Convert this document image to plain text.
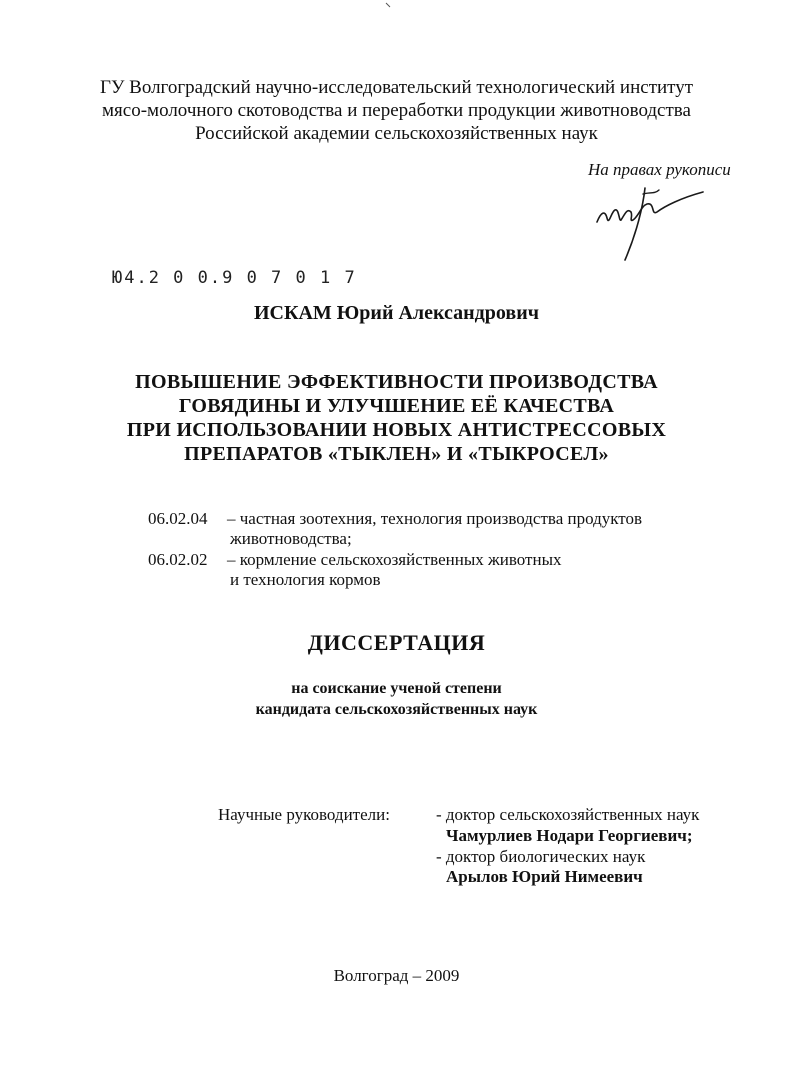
ГУ Волгоградский научно-исследовательский технологический институт
мясо-молочного скотоводства и переработки продукции животноводства
Российской академии сельскохозяйственных наук
На правах рукописи
Ю4.2 0 0.9 0 7 0 1 7
ИСКАМ Юрий Александрович
ПОВЫШЕНИЕ ЭФФЕКТИВНОСТИ ПРОИЗВОДСТВА
ГОВЯДИНЫ И УЛУЧШЕНИЕ ЕЁ КАЧЕСТВА
ПРИ ИСПОЛЬЗОВАНИИ НОВЫХ АНТИСТРЕССОВЫХ
ПРЕПАРАТОВ «ТЫКЛЕН» И «ТЫКРОСЕЛ»
06.02.04 – частная зоотехния, технология производства продуктов
животноводства;
06.02.02 – кормление сельскохозяйственных животных
и технология кормов
ДИССЕРТАЦИЯ
на соискание ученой степени
кандидата сельскохозяйственных наук
Научные руководители:	- доктор сельскохозяйственных наук
Чамурлиев Нодари Георгиевич;
- доктор биологических наук
Арылов Юрий Нимеевич
Волгоград – 2009
